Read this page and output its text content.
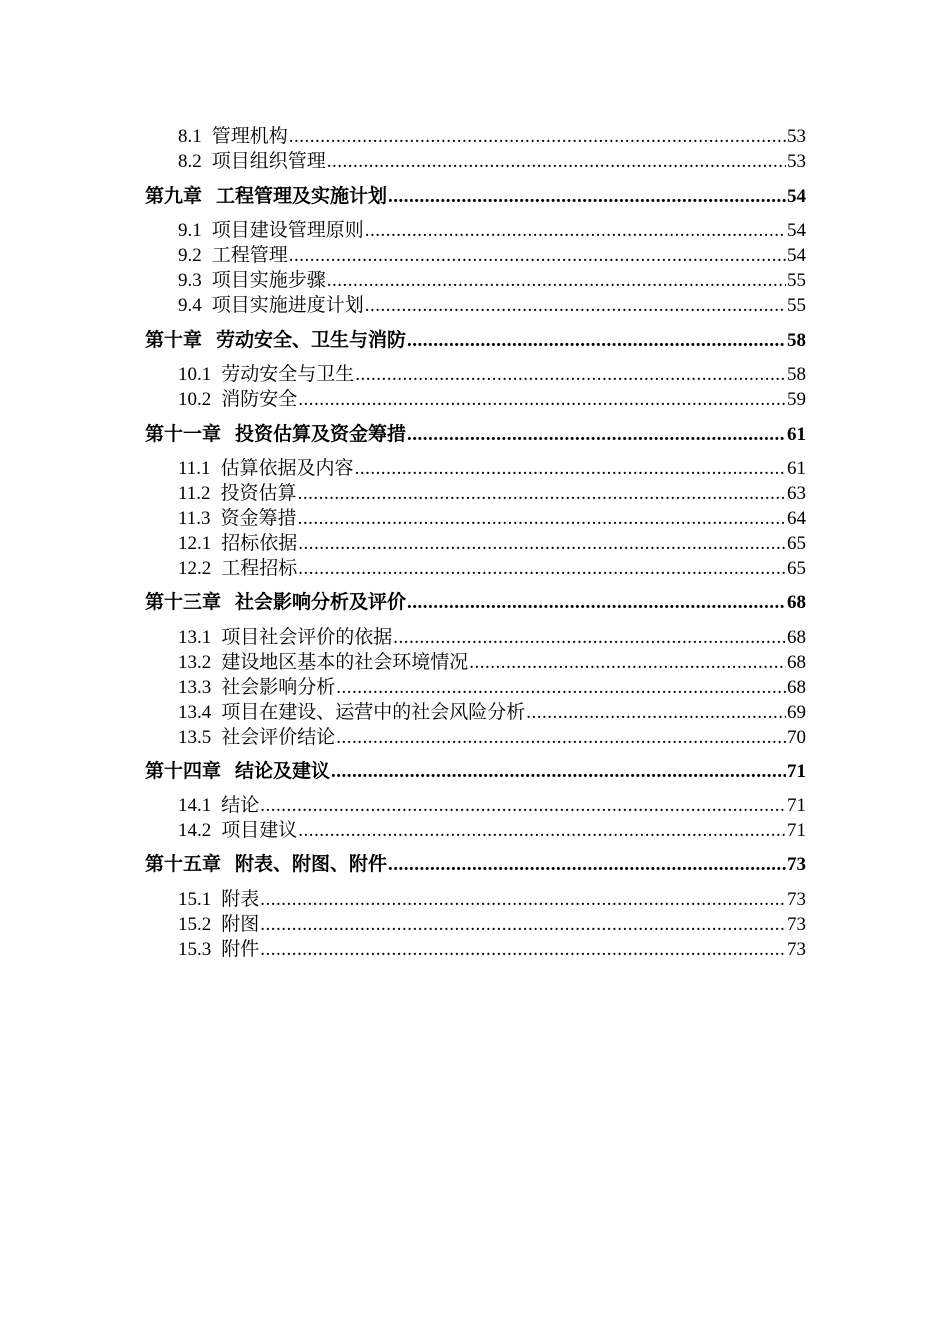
8.1 管理机构 .....	53
8.2 项目组织管理 .....	53
第九章 工程管理及实施计划 .....	54
9.1 项目建设管理原则 .....	54
9.2 工程管理 .....	54
9.3 项目实施步骤 .....	55
9.4 项目实施进度计划 .....	55
第十章 劳动安全、卫生与消防 .....	58
10.1 劳动安全与卫生 .....	58
10.2 消防安全 .....	59
第十一章 投资估算及资金筹措 .....	61
11.1 估算依据及内容 .....	61
11.2 投资估算 .....	63
11.3 资金筹措 .....	64
12.1 招标依据 .....	65
12.2 工程招标 .....	65
第十三章 社会影响分析及评价 .....	68
13.1 项目社会评价的依据 .....	68
13.2 建设地区基本的社会环境情况 .....	68
13.3 社会影响分析 .....	68
13.4 项目在建设、运营中的社会风险分析 .....	69
13.5 社会评价结论 .....	70
第十四章 结论及建议 .....	71
14.1 结论 .....	71
14.2 项目建议 .....	71
第十五章 附表、附图、附件 .....	73
15.1 附表 .....	73
15.2 附图 .....	73
15.3 附件 .....	73
